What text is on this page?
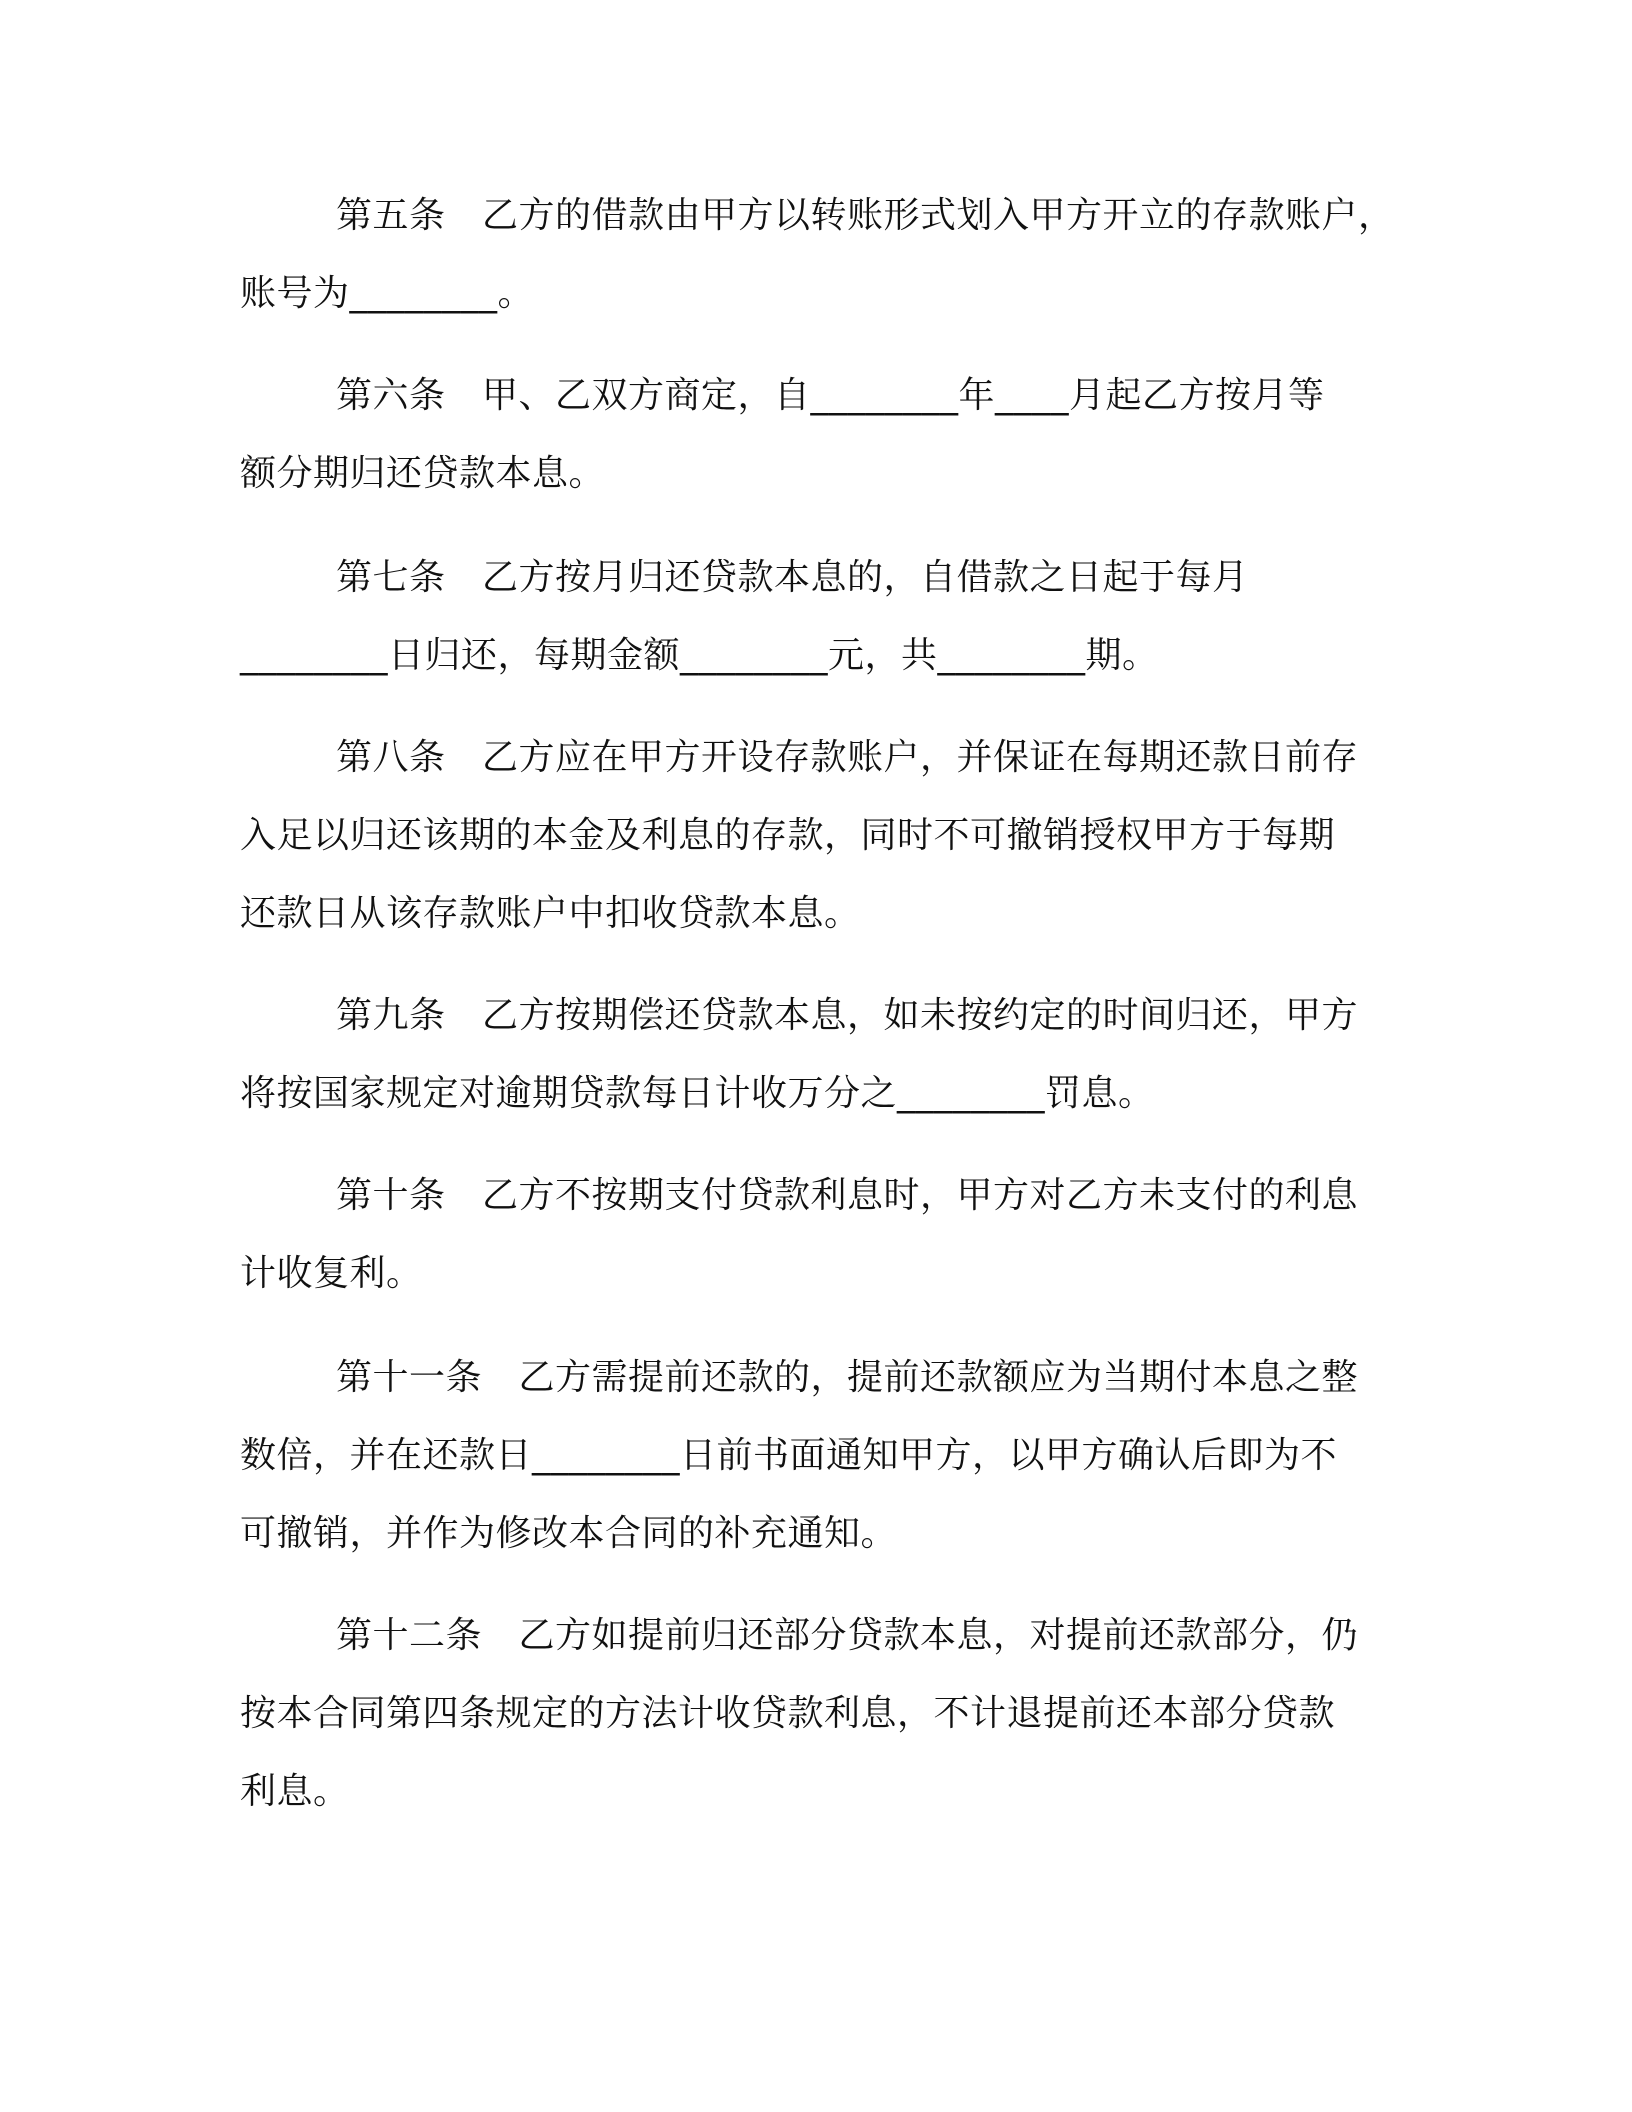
第五条　乙方的借款由甲方以转账形式划入甲方开立的存款账户，
账号为________。
第六条　甲、乙双方商定，自________年____月起乙方按月等
额分期归还贷款本息。
第七条　乙方按月归还贷款本息的，自借款之日起于每月
________日归还，每期金额________元，共________期。
第八条　乙方应在甲方开设存款账户，并保证在每期还款日前存
入足以归还该期的本金及利息的存款，同时不可撤销授权甲方于每期
还款日从该存款账户中扣收贷款本息。
第九条　乙方按期偿还贷款本息，如未按约定的时间归还，甲方
将按国家规定对逾期贷款每日计收万分之________罚息。
第十条　乙方不按期支付贷款利息时，甲方对乙方未支付的利息
计收复利。
第十一条　乙方需提前还款的，提前还款额应为当期付本息之整
数倍，并在还款日________日前书面通知甲方，以甲方确认后即为不
可撤销，并作为修改本合同的补充通知。
第十二条　乙方如提前归还部分贷款本息，对提前还款部分，仍
按本合同第四条规定的方法计收贷款利息，不计退提前还本部分贷款
利息。
